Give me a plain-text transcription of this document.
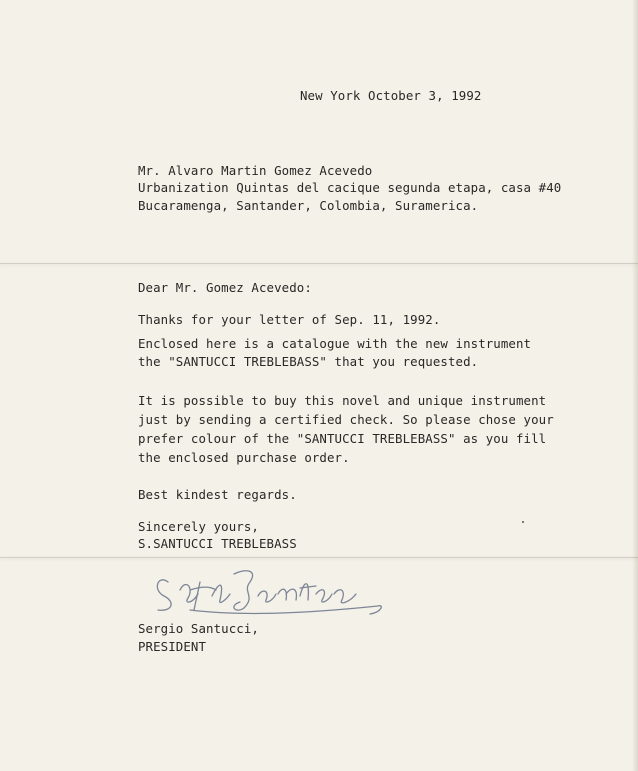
New York October 3, 1992
Mr. Alvaro Martin Gomez Acevedo
Urbanization Quintas del cacique segunda etapa, casa #40
Bucaramenga, Santander, Colombia, Suramerica.
Dear Mr. Gomez Acevedo:
Thanks for your letter of Sep. 11, 1992.
Enclosed here is a catalogue with the new instrument
the "SANTUCCI TREBLEBASS" that you requested.
It is possible to buy this novel and unique instrument
just by sending a certified check. So please chose your
prefer colour of the "SANTUCCI TREBLEBASS" as you fill
the enclosed purchase order.
Best kindest regards.
Sincerely yours,
S.SANTUCCI TREBLEBASS
Sergio Santucci,
PRESIDENT
